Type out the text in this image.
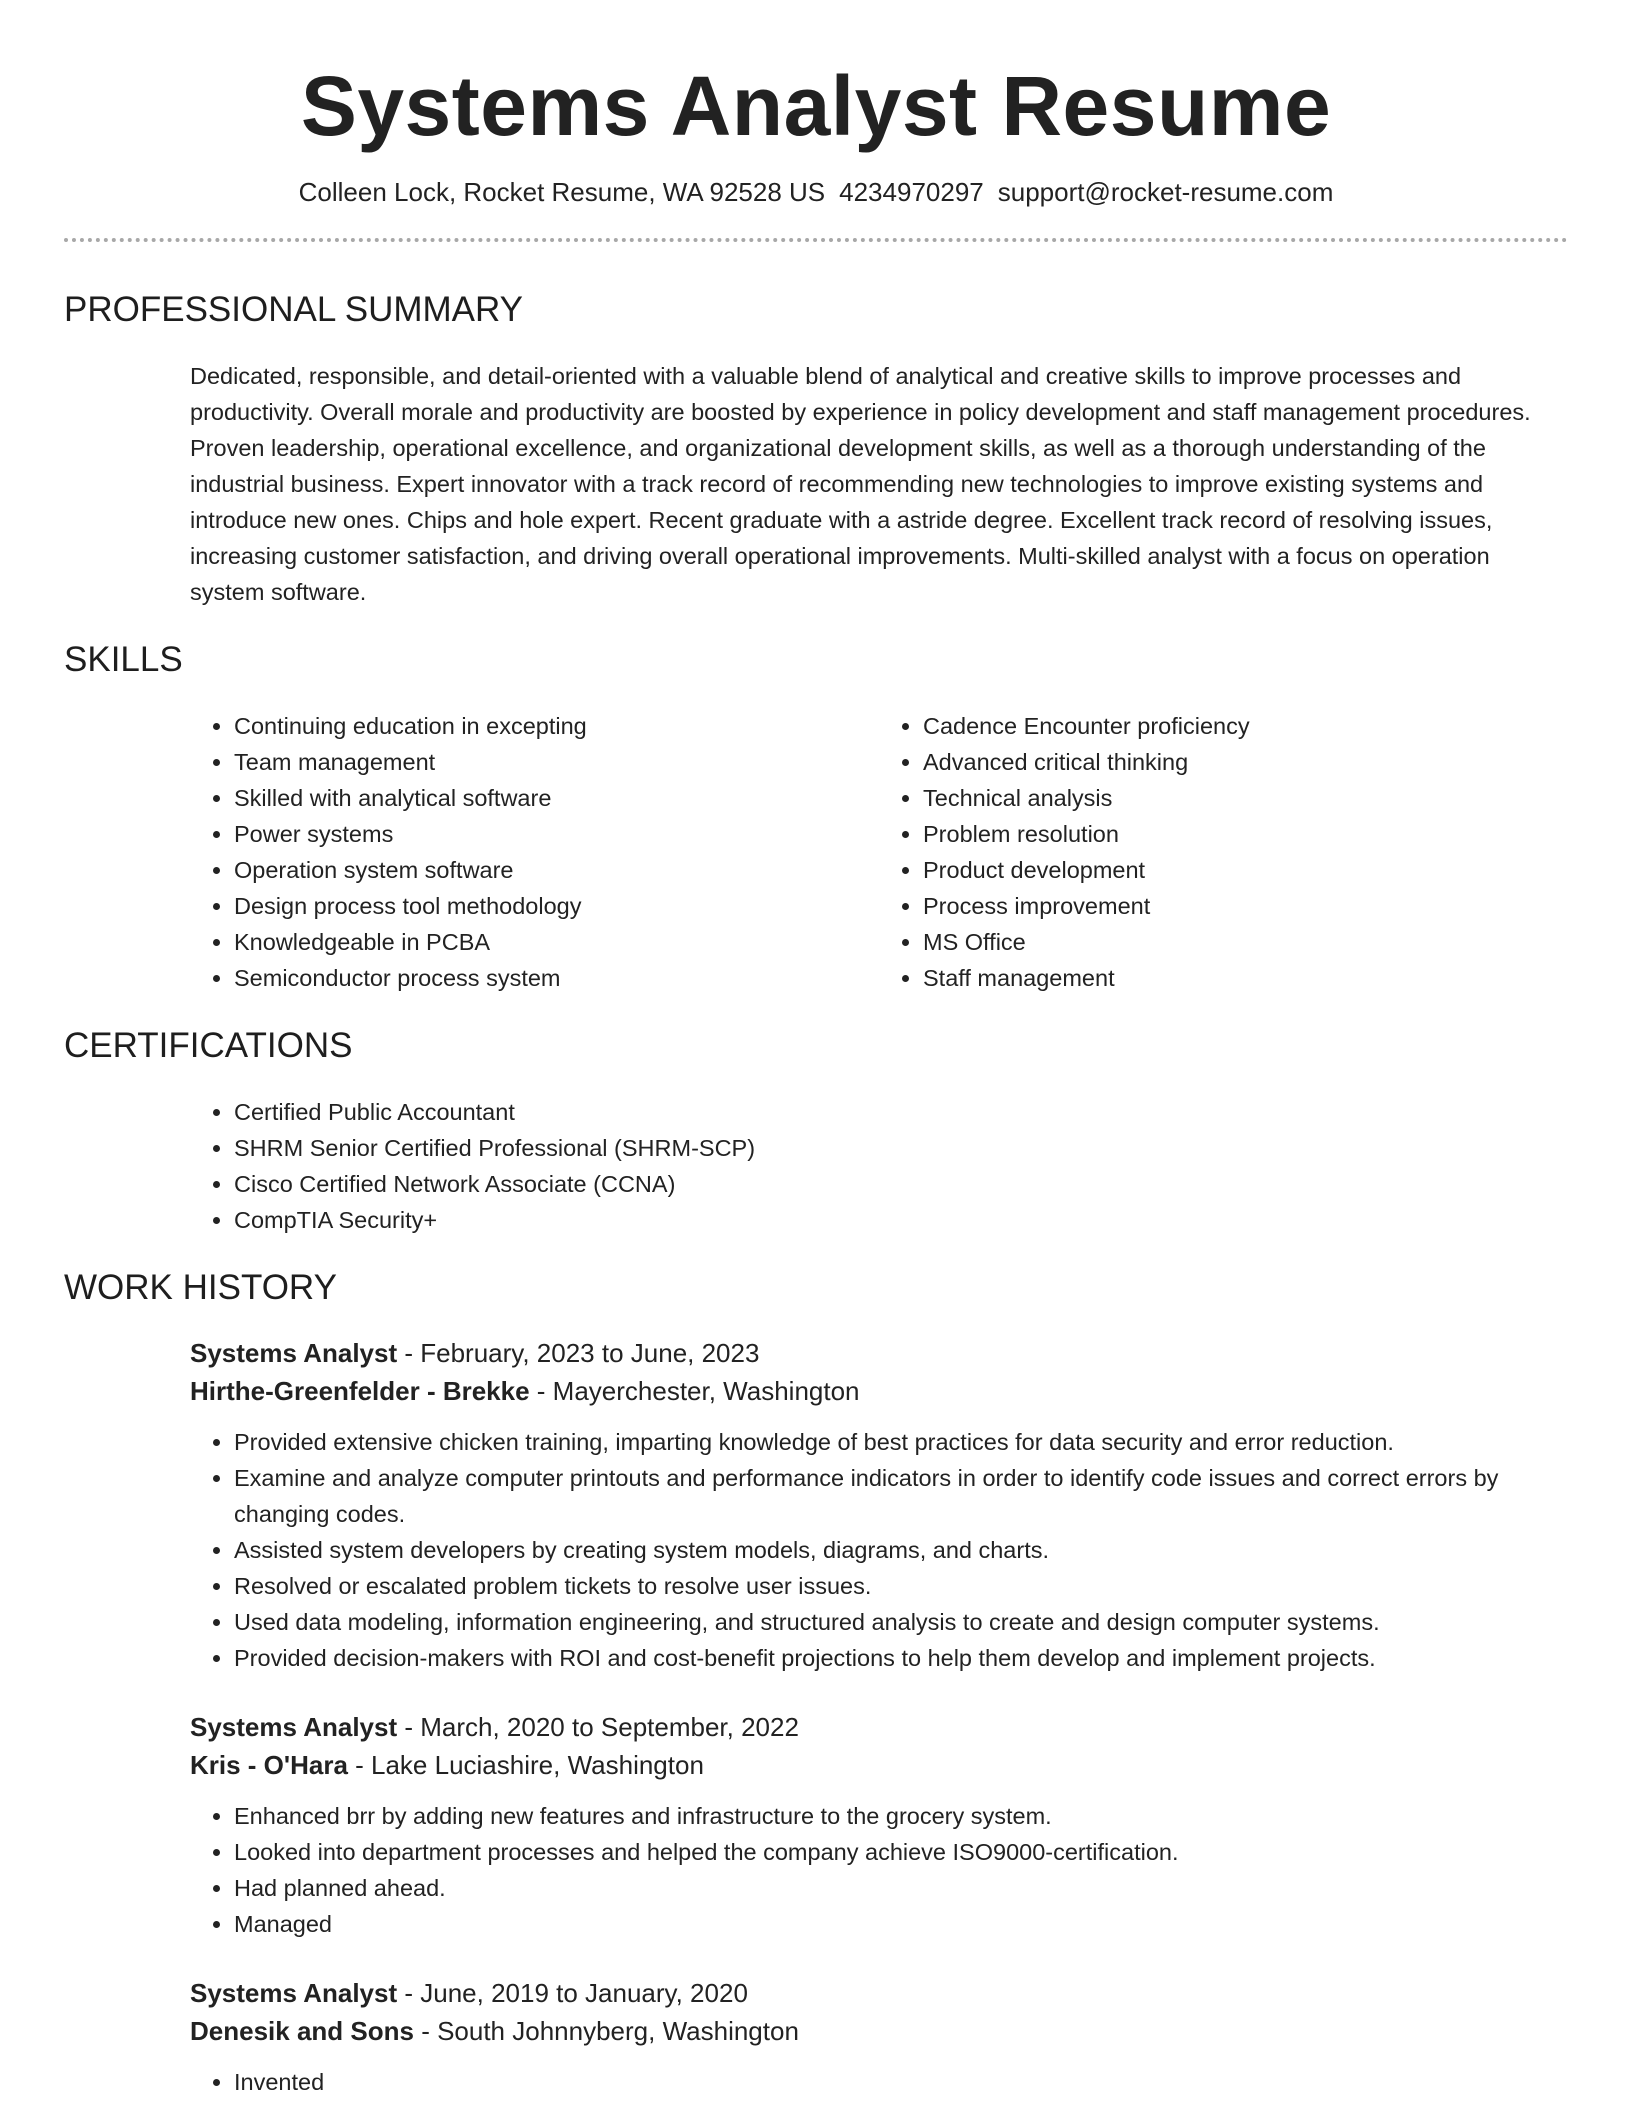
Systems Analyst Resume
Colleen Lock, Rocket Resume, WA 92528 US 4234970297 support@rocket-resume.com
PROFESSIONAL SUMMARY

Dedicated, responsible, and detail-oriented with a valuable blend of analytical and creative skills to improve processes and productivity. Overall morale and productivity are boosted by experience in policy development and staff management procedures. Proven leadership, operational excellence, and organizational development skills, as well as a thorough understanding of the industrial business. Expert innovator with a track record of recommending new technologies to improve existing systems and introduce new ones. Chips and hole expert. Recent graduate with a astride degree. Excellent track record of resolving issues, increasing customer satisfaction, and driving overall operational improvements. Multi-skilled analyst with a focus on operation system software.

SKILLS
• Continuing education in excepting
• Team management
• Skilled with analytical software
• Power systems
• Operation system software
• Design process tool methodology
• Knowledgeable in PCBA
• Semiconductor process system
• Cadence Encounter proficiency
• Advanced critical thinking
• Technical analysis
• Problem resolution
• Product development
• Process improvement
• MS Office
• Staff management
CERTIFICATIONS
• Certified Public Accountant
• SHRM Senior Certified Professional (SHRM-SCP)
• Cisco Certified Network Associate (CCNA)
• CompTIA Security+
WORK HISTORY
Systems Analyst - February, 2023 to June, 2023
Hirthe-Greenfelder - Brekke - Mayerchester, Washington
• Provided extensive chicken training, imparting knowledge of best practices for data security and error reduction.
• Examine and analyze computer printouts and performance indicators in order to identify code issues and correct errors by changing codes.
• Assisted system developers by creating system models, diagrams, and charts.
• Resolved or escalated problem tickets to resolve user issues.
• Used data modeling, information engineering, and structured analysis to create and design computer systems.
• Provided decision-makers with ROI and cost-benefit projections to help them develop and implement projects.
Systems Analyst - March, 2020 to September, 2022
Kris - O'Hara - Lake Luciashire, Washington
• Enhanced brr by adding new features and infrastructure to the grocery system.
• Looked into department processes and helped the company achieve ISO9000-certification.
• Had planned ahead.
• Managed
Systems Analyst - June, 2019 to January, 2020
Denesik and Sons - South Johnnyberg, Washington
• Invented
